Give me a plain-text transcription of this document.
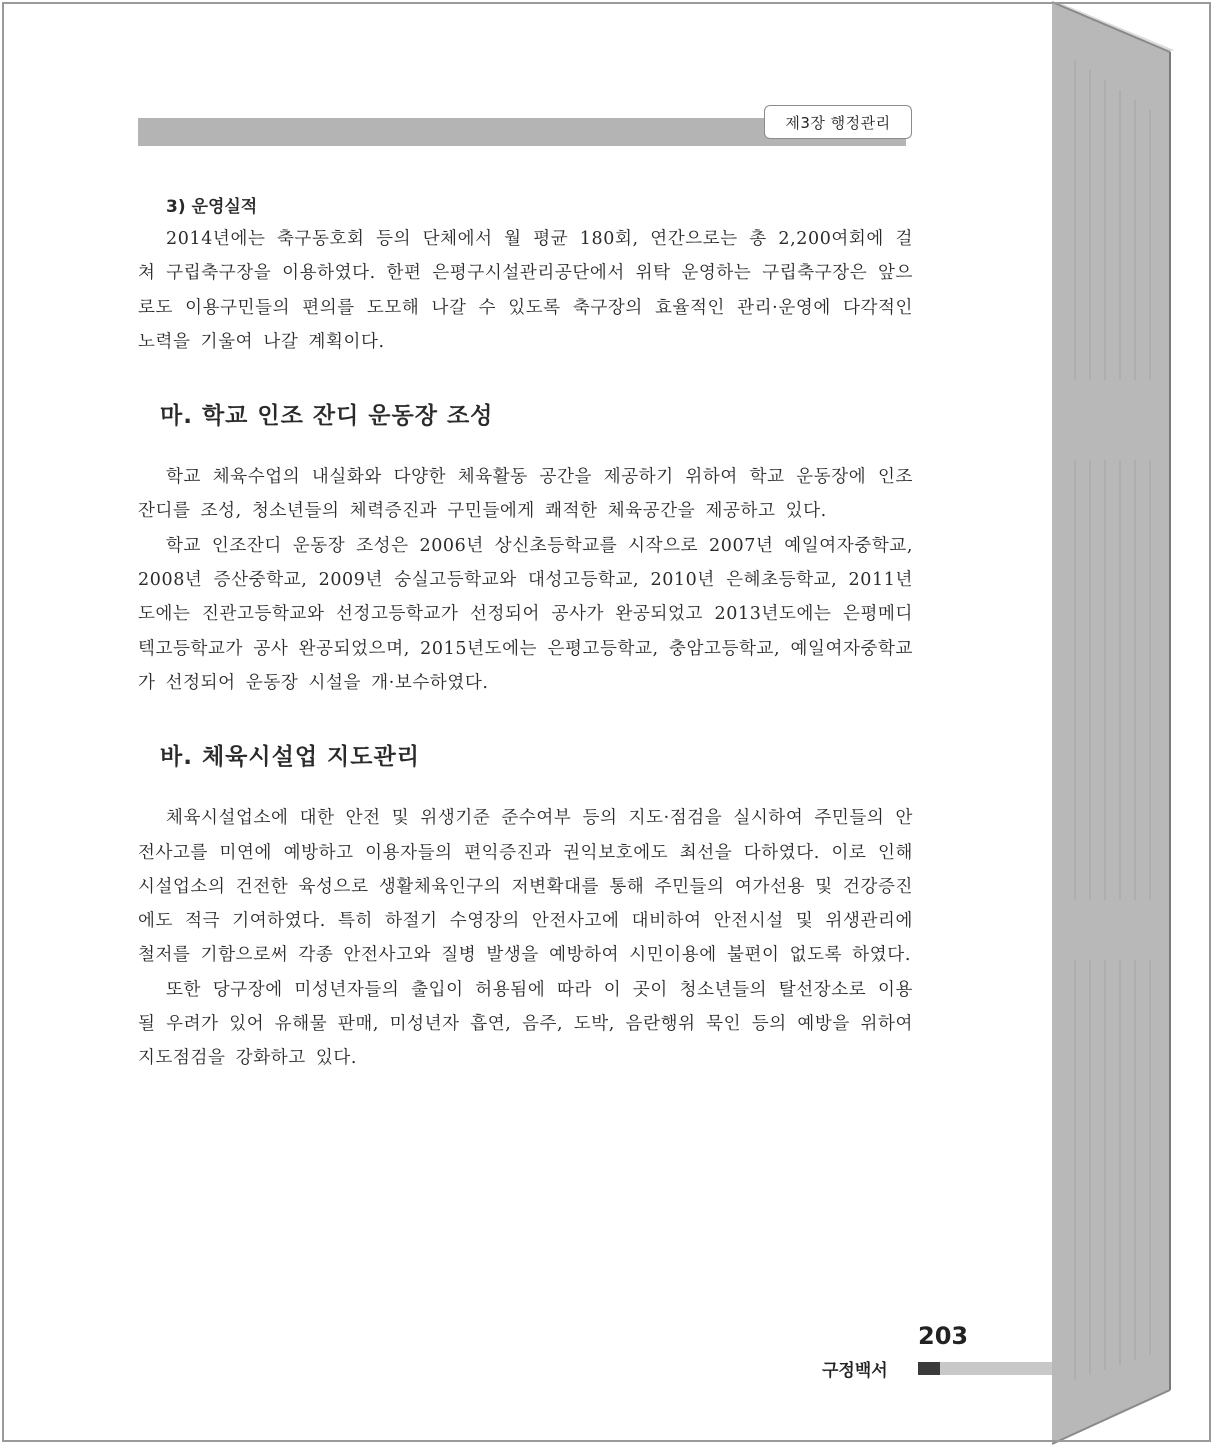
제3장 행정관리
3) 운영실적

2014년에는 축구동호회 등의 단체에서 월 평균 180회, 연간으로는 총 2,200여회에 걸쳐 구립축구장을 이용하였다. 한편 은평구시설관리공단에서 위탁 운영하는 구립축구장은 앞으로도 이용구민들의 편의를 도모해 나갈 수 있도록 축구장의 효율적인 관리·운영에 다각적인 노력을 기울여 나갈 계획이다.

마. 학교 인조 잔디 운동장 조성

학교 체육수업의 내실화와 다양한 체육활동 공간을 제공하기 위하여 학교 운동장에 인조잔디를 조성, 청소년들의 체력증진과 구민들에게 쾌적한 체육공간을 제공하고 있다.

학교 인조잔디 운동장 조성은 2006년 상신초등학교를 시작으로 2007년 예일여자중학교, 2008년 증산중학교, 2009년 숭실고등학교와 대성고등학교, 2010년 은혜초등학교, 2011년도에는 진관고등학교와 선정고등학교가 선정되어 공사가 완공되었고 2013년도에는 은평메디텍고등학교가 공사 완공되었으며, 2015년도에는 은평고등학교, 충암고등학교, 예일여자중학교가 선정되어 운동장 시설을 개·보수하였다.

바. 체육시설업 지도관리

체육시설업소에 대한 안전 및 위생기준 준수여부 등의 지도·점검을 실시하여 주민들의 안전사고를 미연에 예방하고 이용자들의 편익증진과 권익보호에도 최선을 다하였다. 이로 인해 시설업소의 건전한 육성으로 생활체육인구의 저변확대를 통해 주민들의 여가선용 및 건강증진에도 적극 기여하였다. 특히 하절기 수영장의 안전사고에 대비하여 안전시설 및 위생관리에 철저를 기함으로써 각종 안전사고와 질병 발생을 예방하여 시민이용에 불편이 없도록 하였다.

또한 당구장에 미성년자들의 출입이 허용됨에 따라 이 곳이 청소년들의 탈선장소로 이용될 우려가 있어 유해물 판매, 미성년자 흡연, 음주, 도박, 음란행위 묵인 등의 예방을 위하여 지도점검을 강화하고 있다.

203
구정백서
